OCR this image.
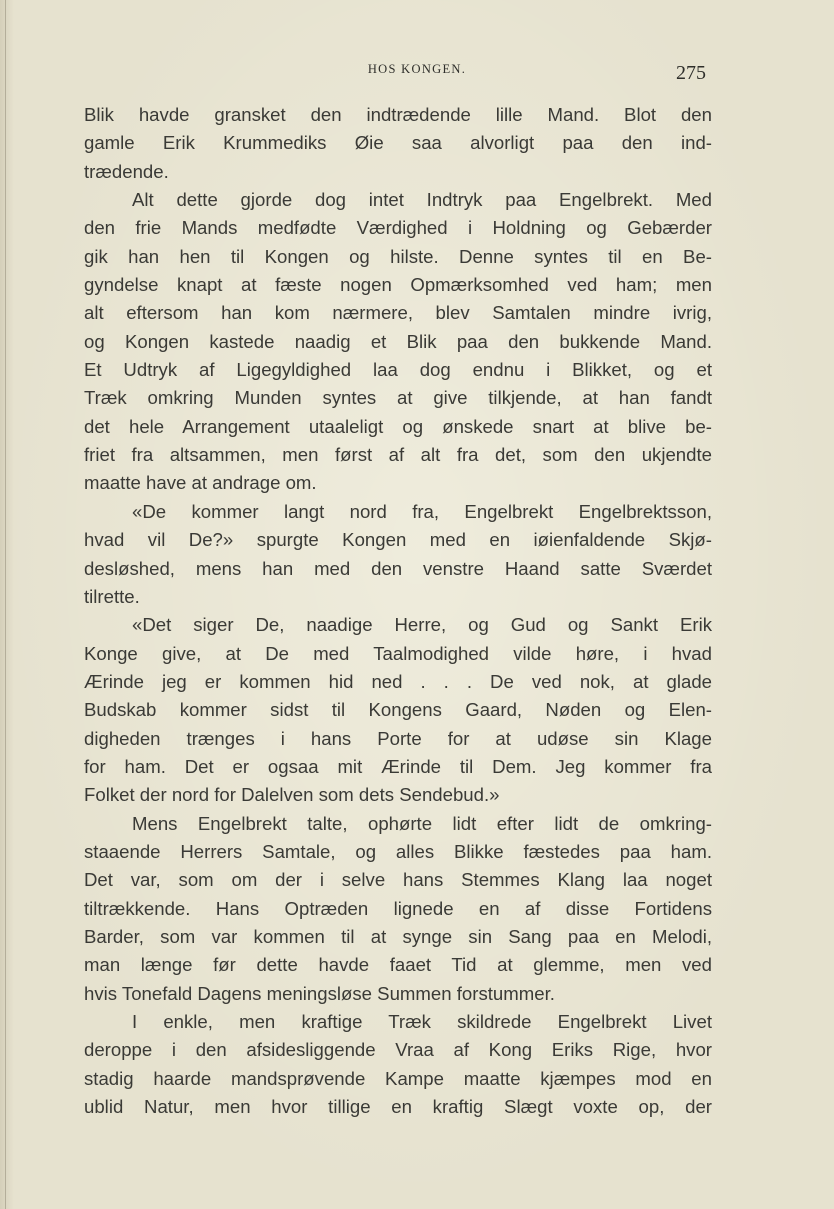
HOS KONGEN.	275
Blik havde gransket den indtrædende lille Mand. Blot den
gamle Erik Krummediks Øie saa alvorligt paa den ind-
trædende.
Alt dette gjorde dog intet Indtryk paa Engelbrekt. Med
den frie Mands medfødte Værdighed i Holdning og Gebærder
gik han hen til Kongen og hilste. Denne syntes til en Be-
gyndelse knapt at fæste nogen Opmærksomhed ved ham; men
alt eftersom han kom nærmere, blev Samtalen mindre ivrig,
og Kongen kastede naadig et Blik paa den bukkende Mand.
Et Udtryk af Ligegyldighed laa dog endnu i Blikket, og et
Træk omkring Munden syntes at give tilkjende, at han fandt
det hele Arrangement utaaleligt og ønskede snart at blive be-
friet fra altsammen, men først af alt fra det, som den ukjendte
maatte have at andrage om.
«De kommer langt nord fra, Engelbrekt Engelbrektsson,
hvad vil De?» spurgte Kongen med en iøienfaldende Skjø-
desløshed, mens han med den venstre Haand satte Sværdet
tilrette.
«Det siger De, naadige Herre, og Gud og Sankt Erik
Konge give, at De med Taalmodighed vilde høre, i hvad
Ærinde jeg er kommen hid ned . . . De ved nok, at glade
Budskab kommer sidst til Kongens Gaard, Nøden og Elen-
digheden trænges i hans Porte for at udøse sin Klage
for ham. Det er ogsaa mit Ærinde til Dem. Jeg kommer fra
Folket der nord for Dalelven som dets Sendebud.»
Mens Engelbrekt talte, ophørte lidt efter lidt de omkring-
staaende Herrers Samtale, og alles Blikke fæstedes paa ham.
Det var, som om der i selve hans Stemmes Klang laa noget
tiltrækkende. Hans Optræden lignede en af disse Fortidens
Barder, som var kommen til at synge sin Sang paa en Melodi,
man længe før dette havde faaet Tid at glemme, men ved
hvis Tonefald Dagens meningsløse Summen forstummer.
I enkle, men kraftige Træk skildrede Engelbrekt Livet
deroppe i den afsidesliggende Vraa af Kong Eriks Rige, hvor
stadig haarde mandsprøvende Kampe maatte kjæmpes mod en
ublid Natur, men hvor tillige en kraftig Slægt voxte op, der
